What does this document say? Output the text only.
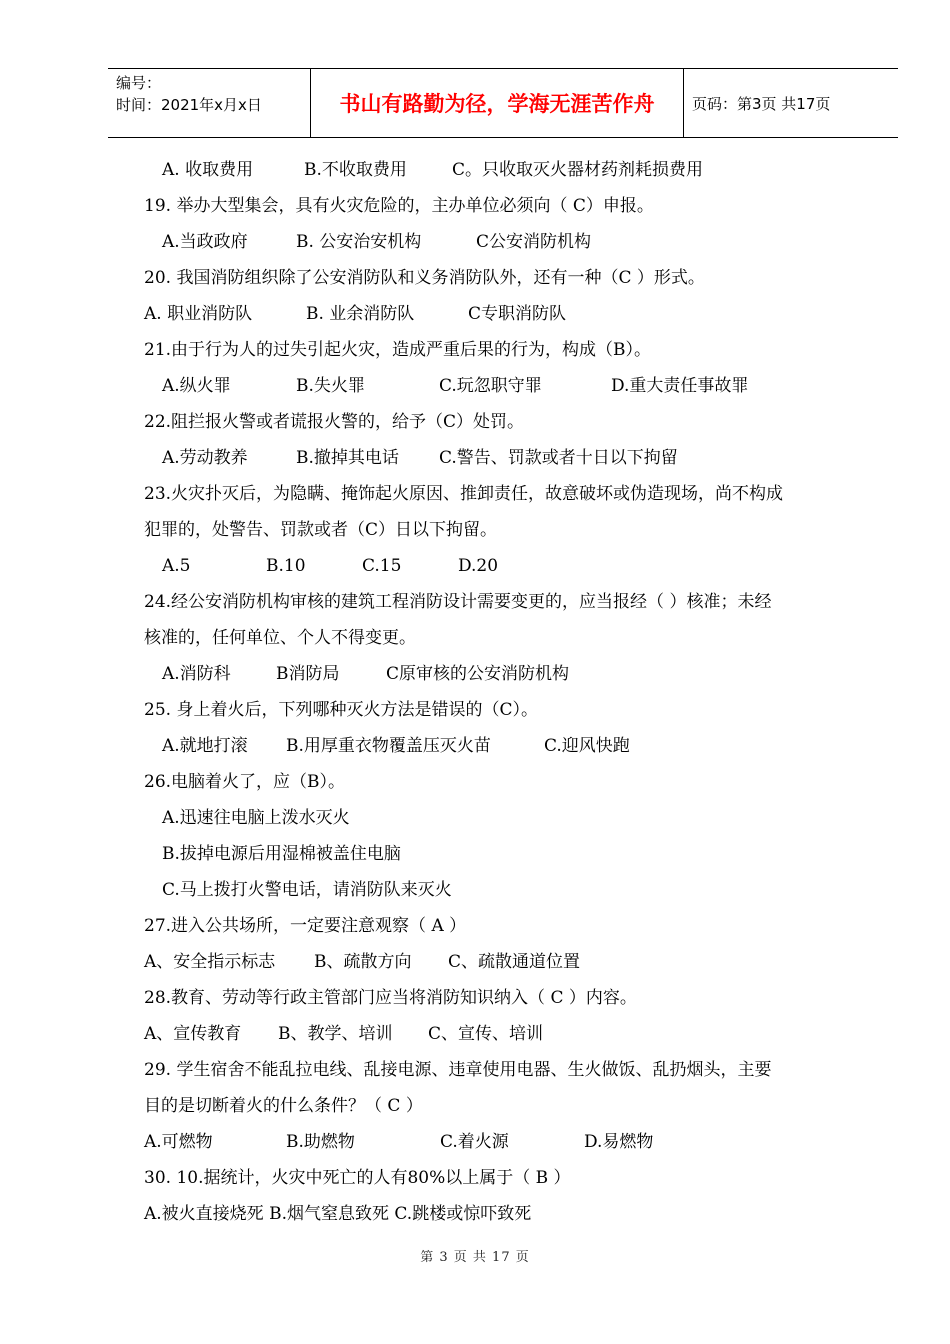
编号：
时间：2021年x月x日	书山有路勤为径，学海无涯苦作舟	页码：第3页 共17页
A. 收取费用	B.不收取费用	C。只收取灭火器材药剂耗损费用
19. 举办大型集会，具有火灾危险的，主办单位必须向（ C）申报。
A.当政政府	B. 公安治安机构	C公安消防机构
20. 我国消防组织除了公安消防队和义务消防队外，还有一种（C ）形式。
A. 职业消防队	B. 业余消防队	C专职消防队
21.由于行为人的过失引起火灾，造成严重后果的行为，构成（B）。
A.纵火罪	B.失火罪	C.玩忽职守罪	D.重大责任事故罪
22.阻拦报火警或者谎报火警的，给予（C）处罚。
A.劳动教养	B.撤掉其电话 C.警告、罚款或者十日以下拘留
23.火灾扑灭后，为隐瞒、掩饰起火原因、推卸责任，故意破坏或伪造现场，尚不构成
犯罪的，处警告、罚款或者（C）日以下拘留。
A.5	B.10	C.15	D.20
24.经公安消防机构审核的建筑工程消防设计需要变更的，应当报经（ ）核准；未经
核准的，任何单位、个人不得变更。
A.消防科	B消防局	C原审核的公安消防机构
25. 身上着火后，下列哪种灭火方法是错误的（C）。
A.就地打滚 B.用厚重衣物覆盖压灭火苗	C.迎风快跑
26.电脑着火了，应（B）。
A.迅速往电脑上泼水灭火
B.拔掉电源后用湿棉被盖住电脑
C.马上拨打火警电话，请消防队来灭火
27.进入公共场所，一定要注意观察（ A ）
A、安全指示标志 B、疏散方向 C、疏散通道位置
28.教育、劳动等行政主管部门应当将消防知识纳入（ C ）内容。
A、宣传教育 B、教学、培训 C、宣传、培训
29. 学生宿舍不能乱拉电线、乱接电源、违章使用电器、生火做饭、乱扔烟头，主要
目的是切断着火的什么条件？（ C ）
A.可燃物	B.助燃物	C.着火源	D.易燃物
30. 10.据统计，火灾中死亡的人有80%以上属于（ B ）
A.被火直接烧死 B.烟气窒息致死 C.跳楼或惊吓致死
第 3 页 共 17 页
